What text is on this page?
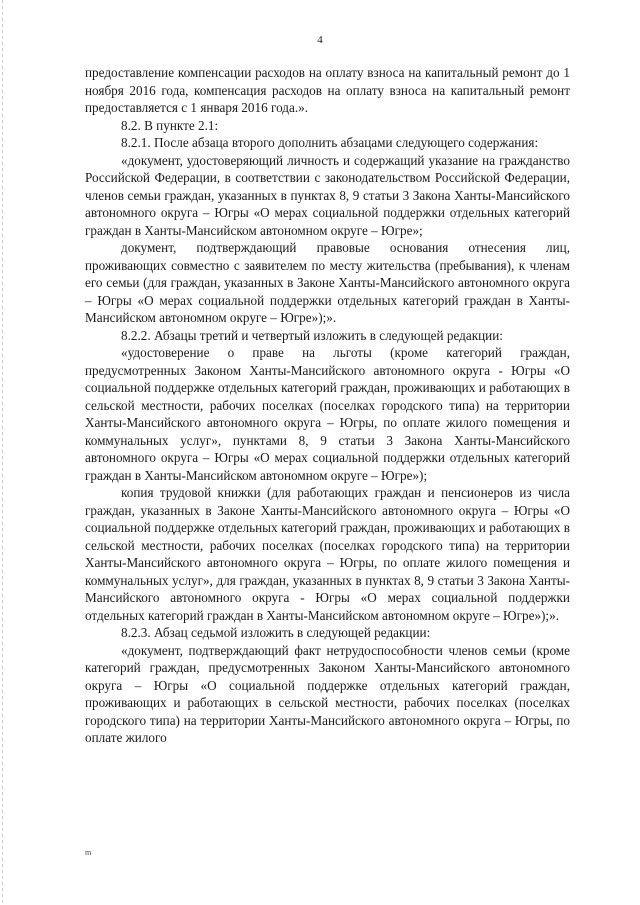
4

предоставление компенсации расходов на оплату взноса на капитальный ремонт до 1 ноября 2016 года, компенсация расходов на оплату взноса на капитальный ремонт предоставляется с 1 января 2016 года.».

8.2. В пункте 2.1:

8.2.1. После абзаца второго дополнить абзацами следующего содержания:

«документ, удостоверяющий личность и содержащий указание на гражданство Российской Федерации, в соответствии с законодательством Российской Федерации, членов семьи граждан, указанных в пунктах 8, 9 статьи 3 Закона Ханты-Мансийского автономного округа – Югры «О мерах социальной поддержки отдельных категорий граждан в Ханты-Мансийском автономном округе – Югре»;

документ, подтверждающий правовые основания отнесения лиц, проживающих совместно с заявителем по месту жительства (пребывания), к членам его семьи (для граждан, указанных в Законе Ханты-Мансийского автономного округа – Югры «О мерах социальной поддержки отдельных категорий граждан в Ханты-Мансийском автономном округе – Югре»);».

8.2.2. Абзацы третий и четвертый изложить в следующей редакции:

«удостоверение о праве на льготы (кроме категорий граждан, предусмотренных Законом Ханты-Мансийского автономного округа - Югры «О социальной поддержке отдельных категорий граждан, проживающих и работающих в сельской местности, рабочих поселках (поселках городского типа) на территории Ханты-Мансийского автономного округа – Югры, по оплате жилого помещения и коммунальных услуг», пунктами 8, 9 статьи 3 Закона Ханты-Мансийского автономного округа – Югры «О мерах социальной поддержки отдельных категорий граждан в Ханты-Мансийском автономном округе – Югре»);

копия трудовой книжки (для работающих граждан и пенсионеров из числа граждан, указанных в Законе Ханты-Мансийского автономного округа – Югры «О социальной поддержке отдельных категорий граждан, проживающих и работающих в сельской местности, рабочих поселках (поселках городского типа) на территории Ханты-Мансийского автономного округа – Югры, по оплате жилого помещения и коммунальных услуг», для граждан, указанных в пунктах 8, 9 статьи 3 Закона Ханты-Мансийского автономного округа - Югры «О мерах социальной поддержки отдельных категорий граждан в Ханты-Мансийском автономном округе – Югре»);».

8.2.3. Абзац седьмой изложить в следующей редакции:

«документ, подтверждающий факт нетрудоспособности членов семьи (кроме категорий граждан, предусмотренных Законом Ханты-Мансийского автономного округа – Югры «О социальной поддержке отдельных категорий граждан, проживающих и работающих в сельской местности, рабочих поселках (поселках городского типа) на территории Ханты-Мансийского автономного округа – Югры, по оплате жилого

m
